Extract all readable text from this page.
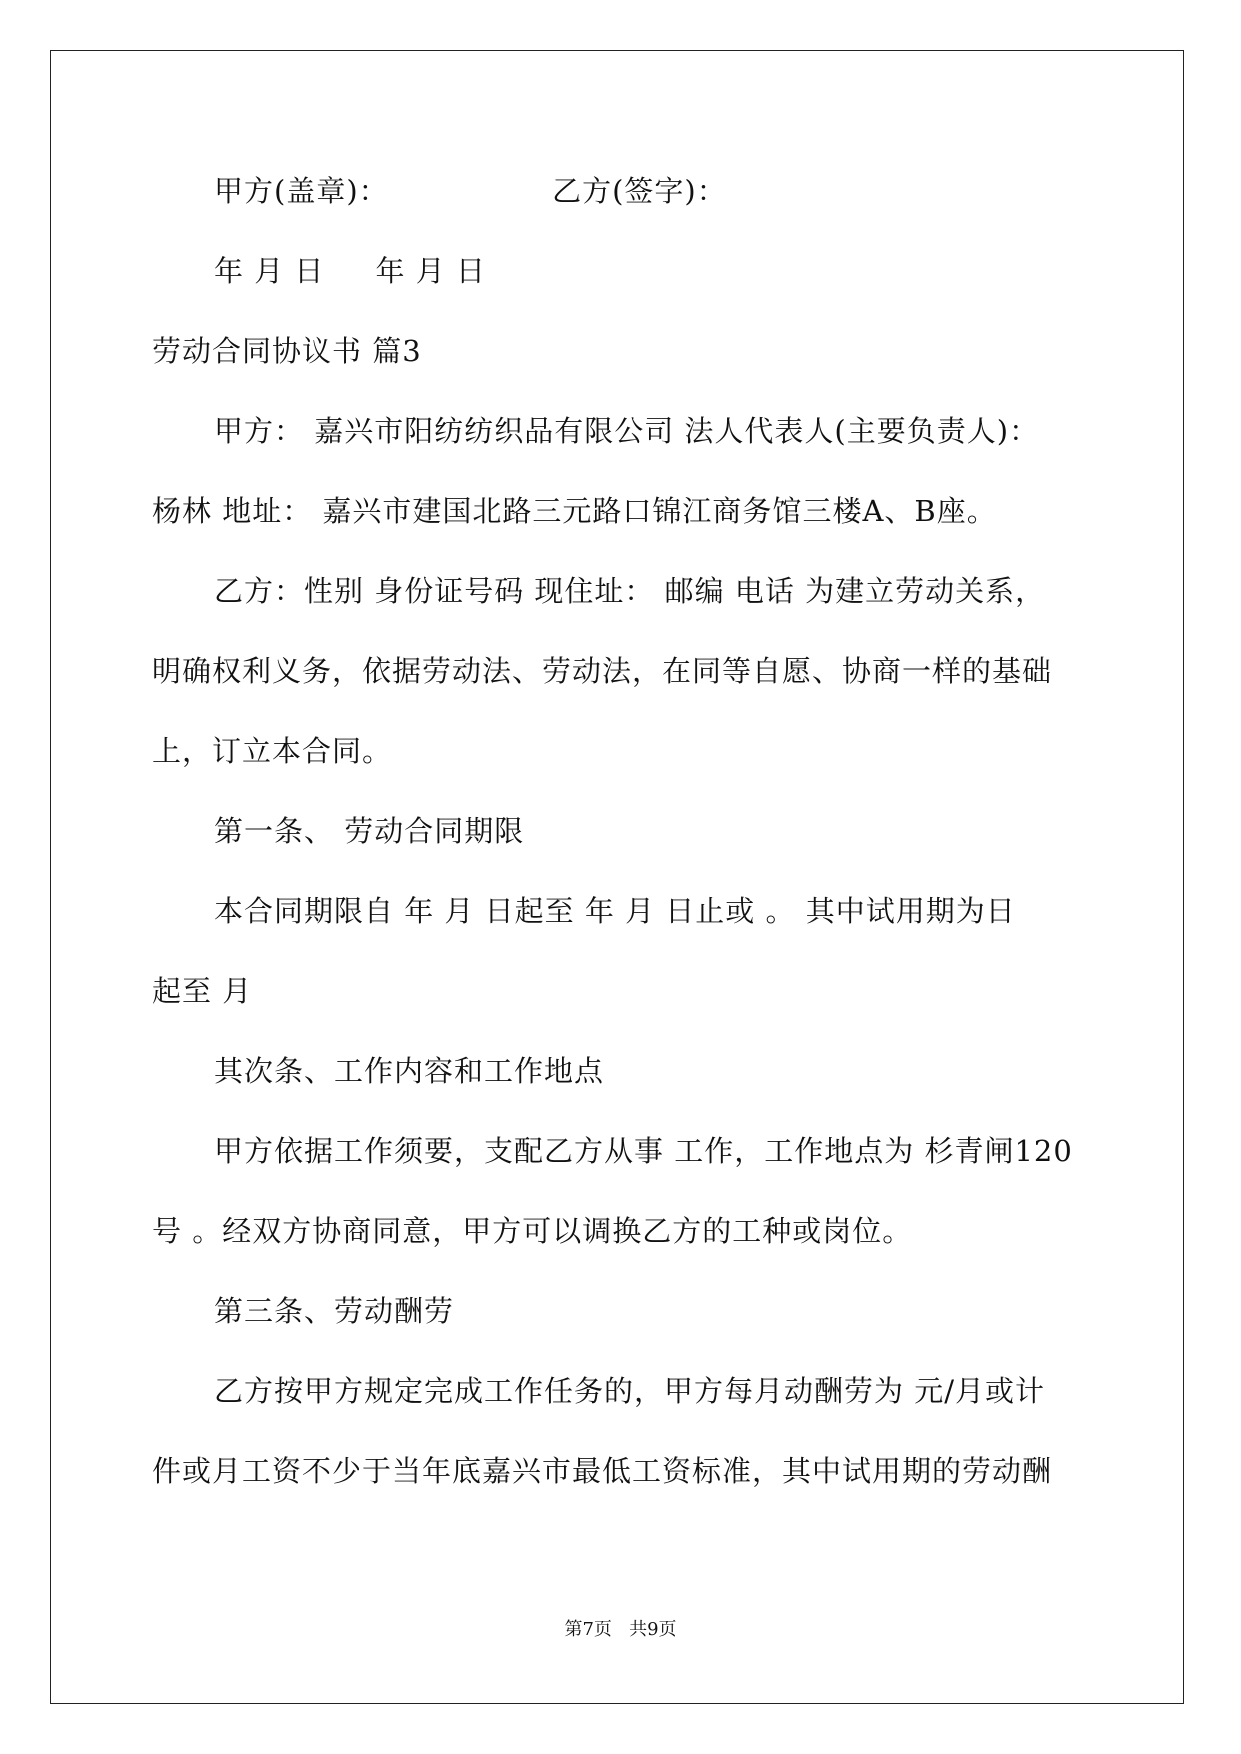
甲方(盖章)：                乙方(签字)：
年 月 日     年 月 日
劳动合同协议书 篇3
甲方： 嘉兴市阳纺纺织品有限公司 法人代表人(主要负责人)：
杨林 地址： 嘉兴市建国北路三元路口锦江商务馆三楼A、B座。
乙方：性别 身份证号码 现住址： 邮编 电话 为建立劳动关系，
明确权利义务，依据劳动法、劳动法，在同等自愿、协商一样的基础
上，订立本合同。
第一条、 劳动合同期限
本合同期限自 年 月 日起至 年 月 日止或 。 其中试用期为日
起至 月
其次条、工作内容和工作地点
甲方依据工作须要，支配乙方从事 工作，工作地点为 杉青闸120
号 。经双方协商同意，甲方可以调换乙方的工种或岗位。
第三条、劳动酬劳
乙方按甲方规定完成工作任务的，甲方每月动酬劳为 元/月或计
件或月工资不少于当年底嘉兴市最低工资标准，其中试用期的劳动酬
第7页 共9页
